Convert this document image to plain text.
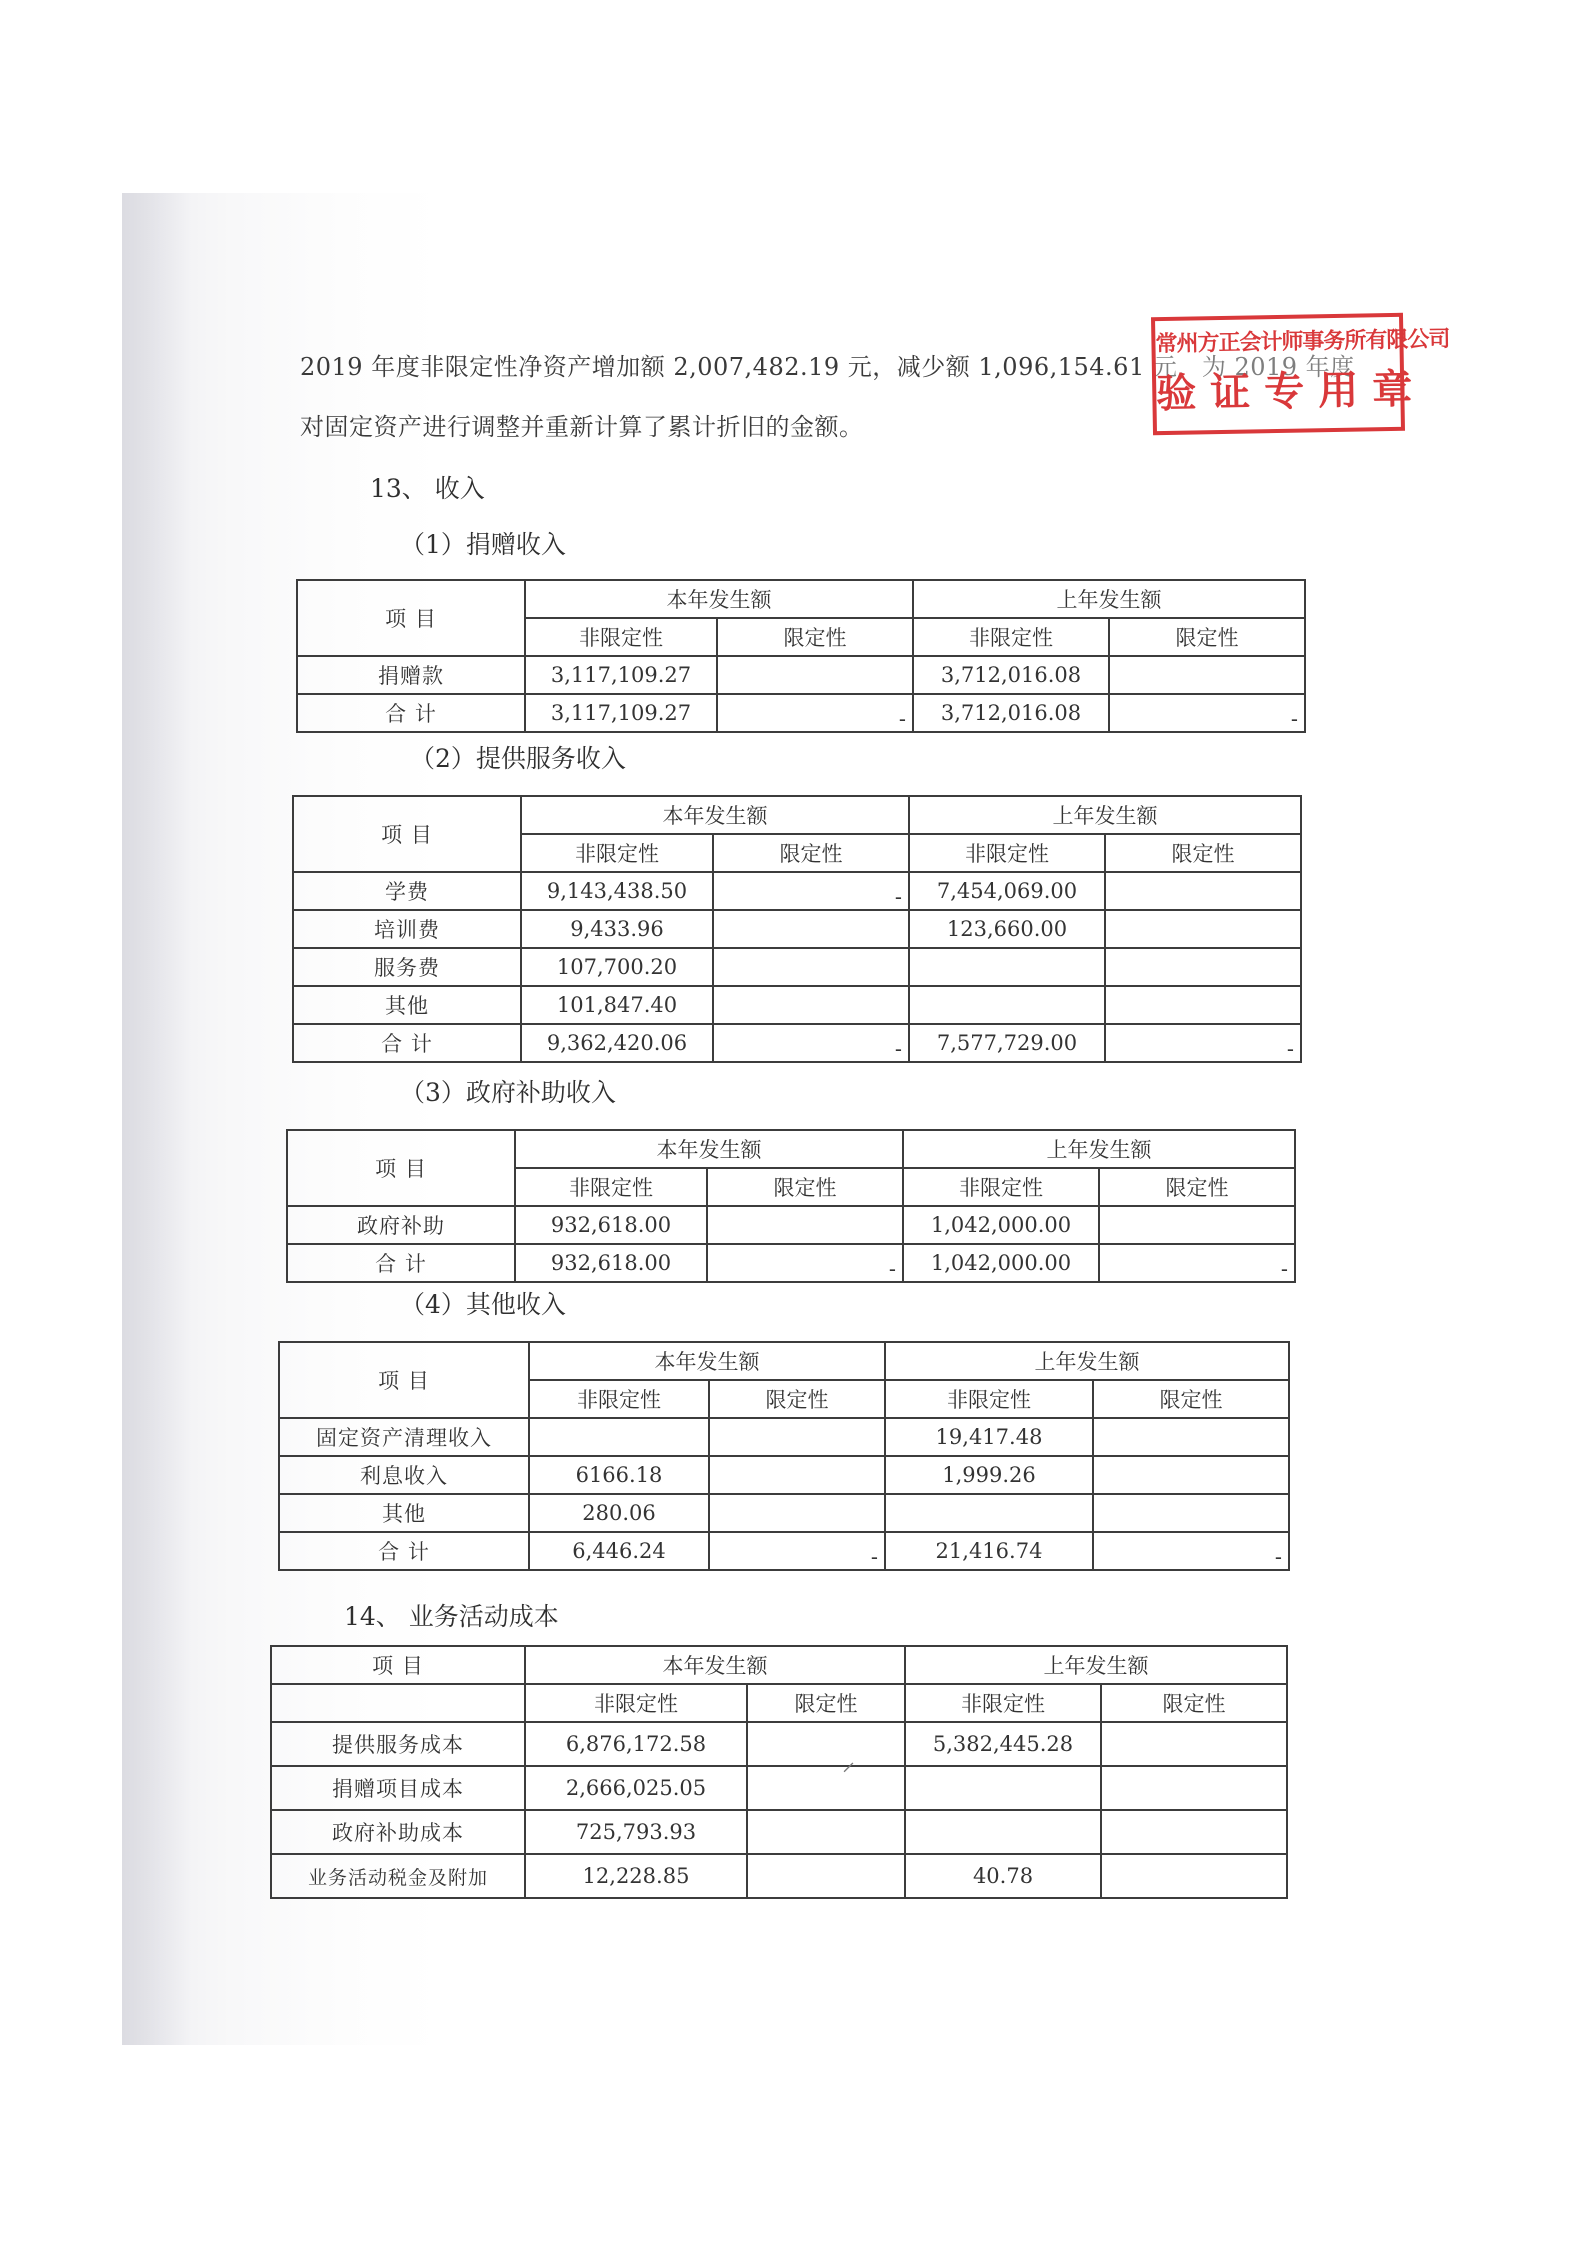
2019 年度非限定性净资产增加额 2,007,482.19 元，减少额 1,096,154.61 元，为 2019 年度
对固定资产进行调整并重新计算了累计折旧的金额。
常州方正会计师事务所有限公司
验证专用章
13、 收入
（1）捐赠收入
项 目	本年发生额		上年发生额	
	非限定性	限定性	非限定性	限定性
捐赠款	3,117,109.27		3,712,016.08	
合 计	3,117,109.27	-	3,712,016.08	-
（2）提供服务收入
项 目	本年发生额		上年发生额	
	非限定性	限定性	非限定性	限定性
学费	9,143,438.50	-	7,454,069.00	
培训费	9,433.96		123,660.00	
服务费	107,700.20			
其他	101,847.40			
合 计	9,362,420.06	-	7,577,729.00	-
（3）政府补助收入
项 目	本年发生额		上年发生额	
	非限定性	限定性	非限定性	限定性
政府补助	932,618.00		1,042,000.00	
合 计	932,618.00	-	1,042,000.00	-
（4）其他收入
项 目	本年发生额		上年发生额	
	非限定性	限定性	非限定性	限定性
固定资产清理收入			19,417.48	
利息收入	6166.18		1,999.26	
其他	280.06			
合 计	6,446.24	-	21,416.74	-
14、 业务活动成本
项 目	本年发生额		上年发生额	
	非限定性	限定性	非限定性	限定性
提供服务成本	6,876,172.58		5,382,445.28	
捐赠项目成本	2,666,025.05			
政府补助成本	725,793.93			
业务活动税金及附加	12,228.85		40.78	
⸍
